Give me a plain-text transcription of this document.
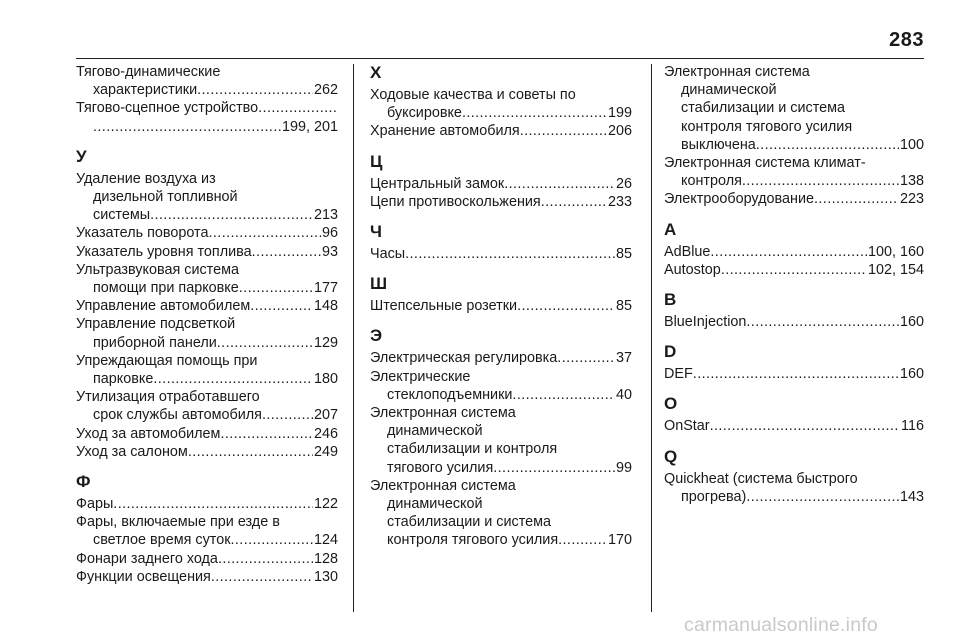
283
Тягово-динамические
характеристики .....	262
Тягово-сцепное устройство
.....
.....
199, 201
У
Удаление воздуха из
дизельной топливной
системы .....	213
Указатель поворота .....	96
Указатель уровня топлива .....	93
Ультразвуковая система
помощи при парковке .....	177
Управление автомобилем .....	148
Управление подсветкой
приборной панели .....	129
Упреждающая помощь при
парковке .....	180
Утилизация отработавшего
срок службы автомобиля .....	207
Уход за автомобилем .....	246
Уход за салоном .....	249
Ф
Фары .....	122
Фары, включаемые при езде в
светлое время суток .....	124
Фонари заднего хода .....	128
Функции освещения .....	130
Х
Ходовые качества и советы по
буксировке .....	199
Хранение автомобиля .....	206
Ц
Центральный замок .....	26
Цепи противоскольжения .....	233
Ч
Часы .....	85
Ш
Штепсельные розетки .....	85
Э
Электрическая регулировка .....	37
Электрические
стеклоподъемники .....	40
Электронная система
динамической
стабилизации и контроля
тягового усилия .....	99
Электронная система
динамической
стабилизации и система
контроля тягового усилия .....	170
Электронная система
динамической
стабилизации и система
контроля тягового усилия
выключена .....	100
Электронная система климат-
контроля .....	138
Электрооборудование .....	223
A
AdBlue .....	100, 160
Autostop .....	102, 154
B
BlueInjection .....	160
D
DEF .....	160
O
OnStar .....	116
Q
Quickheat (система быстрого
прогрева) .....	143
carmanualsonline.info
